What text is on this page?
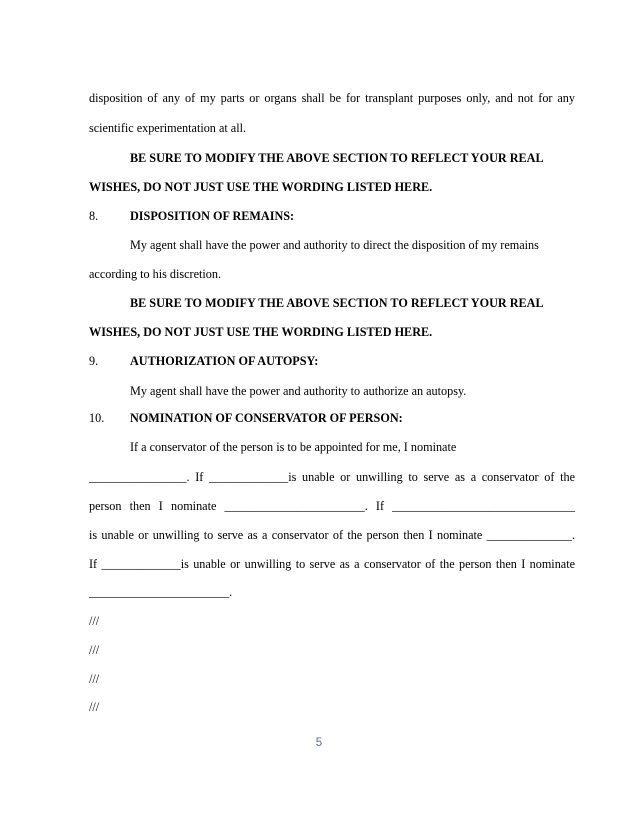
disposition of any of my parts or organs shall be for transplant purposes only, and not for any
scientific experimentation at all.
BE SURE TO MODIFY THE ABOVE SECTION TO REFLECT YOUR REAL
WISHES, DO NOT JUST USE THE WORDING LISTED HERE.
8.	DISPOSITION OF REMAINS:
My agent shall have the power and authority to direct the disposition of my remains
according to his discretion.
BE SURE TO MODIFY THE ABOVE SECTION TO REFLECT YOUR REAL
WISHES, DO NOT JUST USE THE WORDING LISTED HERE.
9.	AUTHORIZATION OF AUTOPSY:
My agent shall have the power and authority to authorize an autopsy.
10. NOMINATION OF CONSERVATOR OF PERSON:
If a conservator of the person is to be appointed for me, I nominate
________________. If _____________is unable or unwilling to serve as a conservator of the
person then I nominate _______________________. If ______________________________
is unable or unwilling to serve as a conservator of the person then I nominate ______________.
If _____________is unable or unwilling to serve as a conservator of the person then I nominate
_______________________.
///
///
///
///
5
